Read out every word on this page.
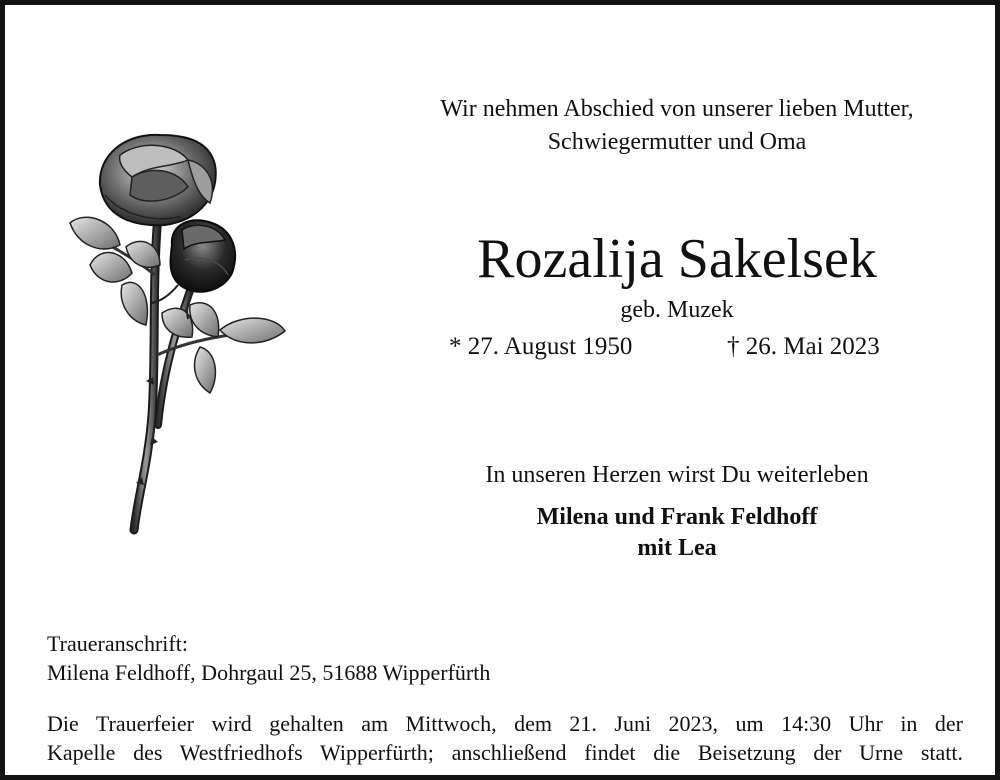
Wir nehmen Abschied von unserer lieben Mutter,
Schwiegermutter und Oma
Rozalija Sakelsek
geb. Muzek
* 27. August 1950	† 26. Mai 2023
In unseren Herzen wirst Du weiterleben
Milena und Frank Feldhoff
mit Lea
Traueranschrift:
Milena Feldhoff, Dohrgaul 25, 51688 Wipperfürth
Die Trauerfeier wird gehalten am Mittwoch, dem 21. Juni 2023, um 14:30 Uhr in der
Kapelle des Westfriedhofs Wipperfürth; anschließend findet die Beisetzung der Urne statt.
